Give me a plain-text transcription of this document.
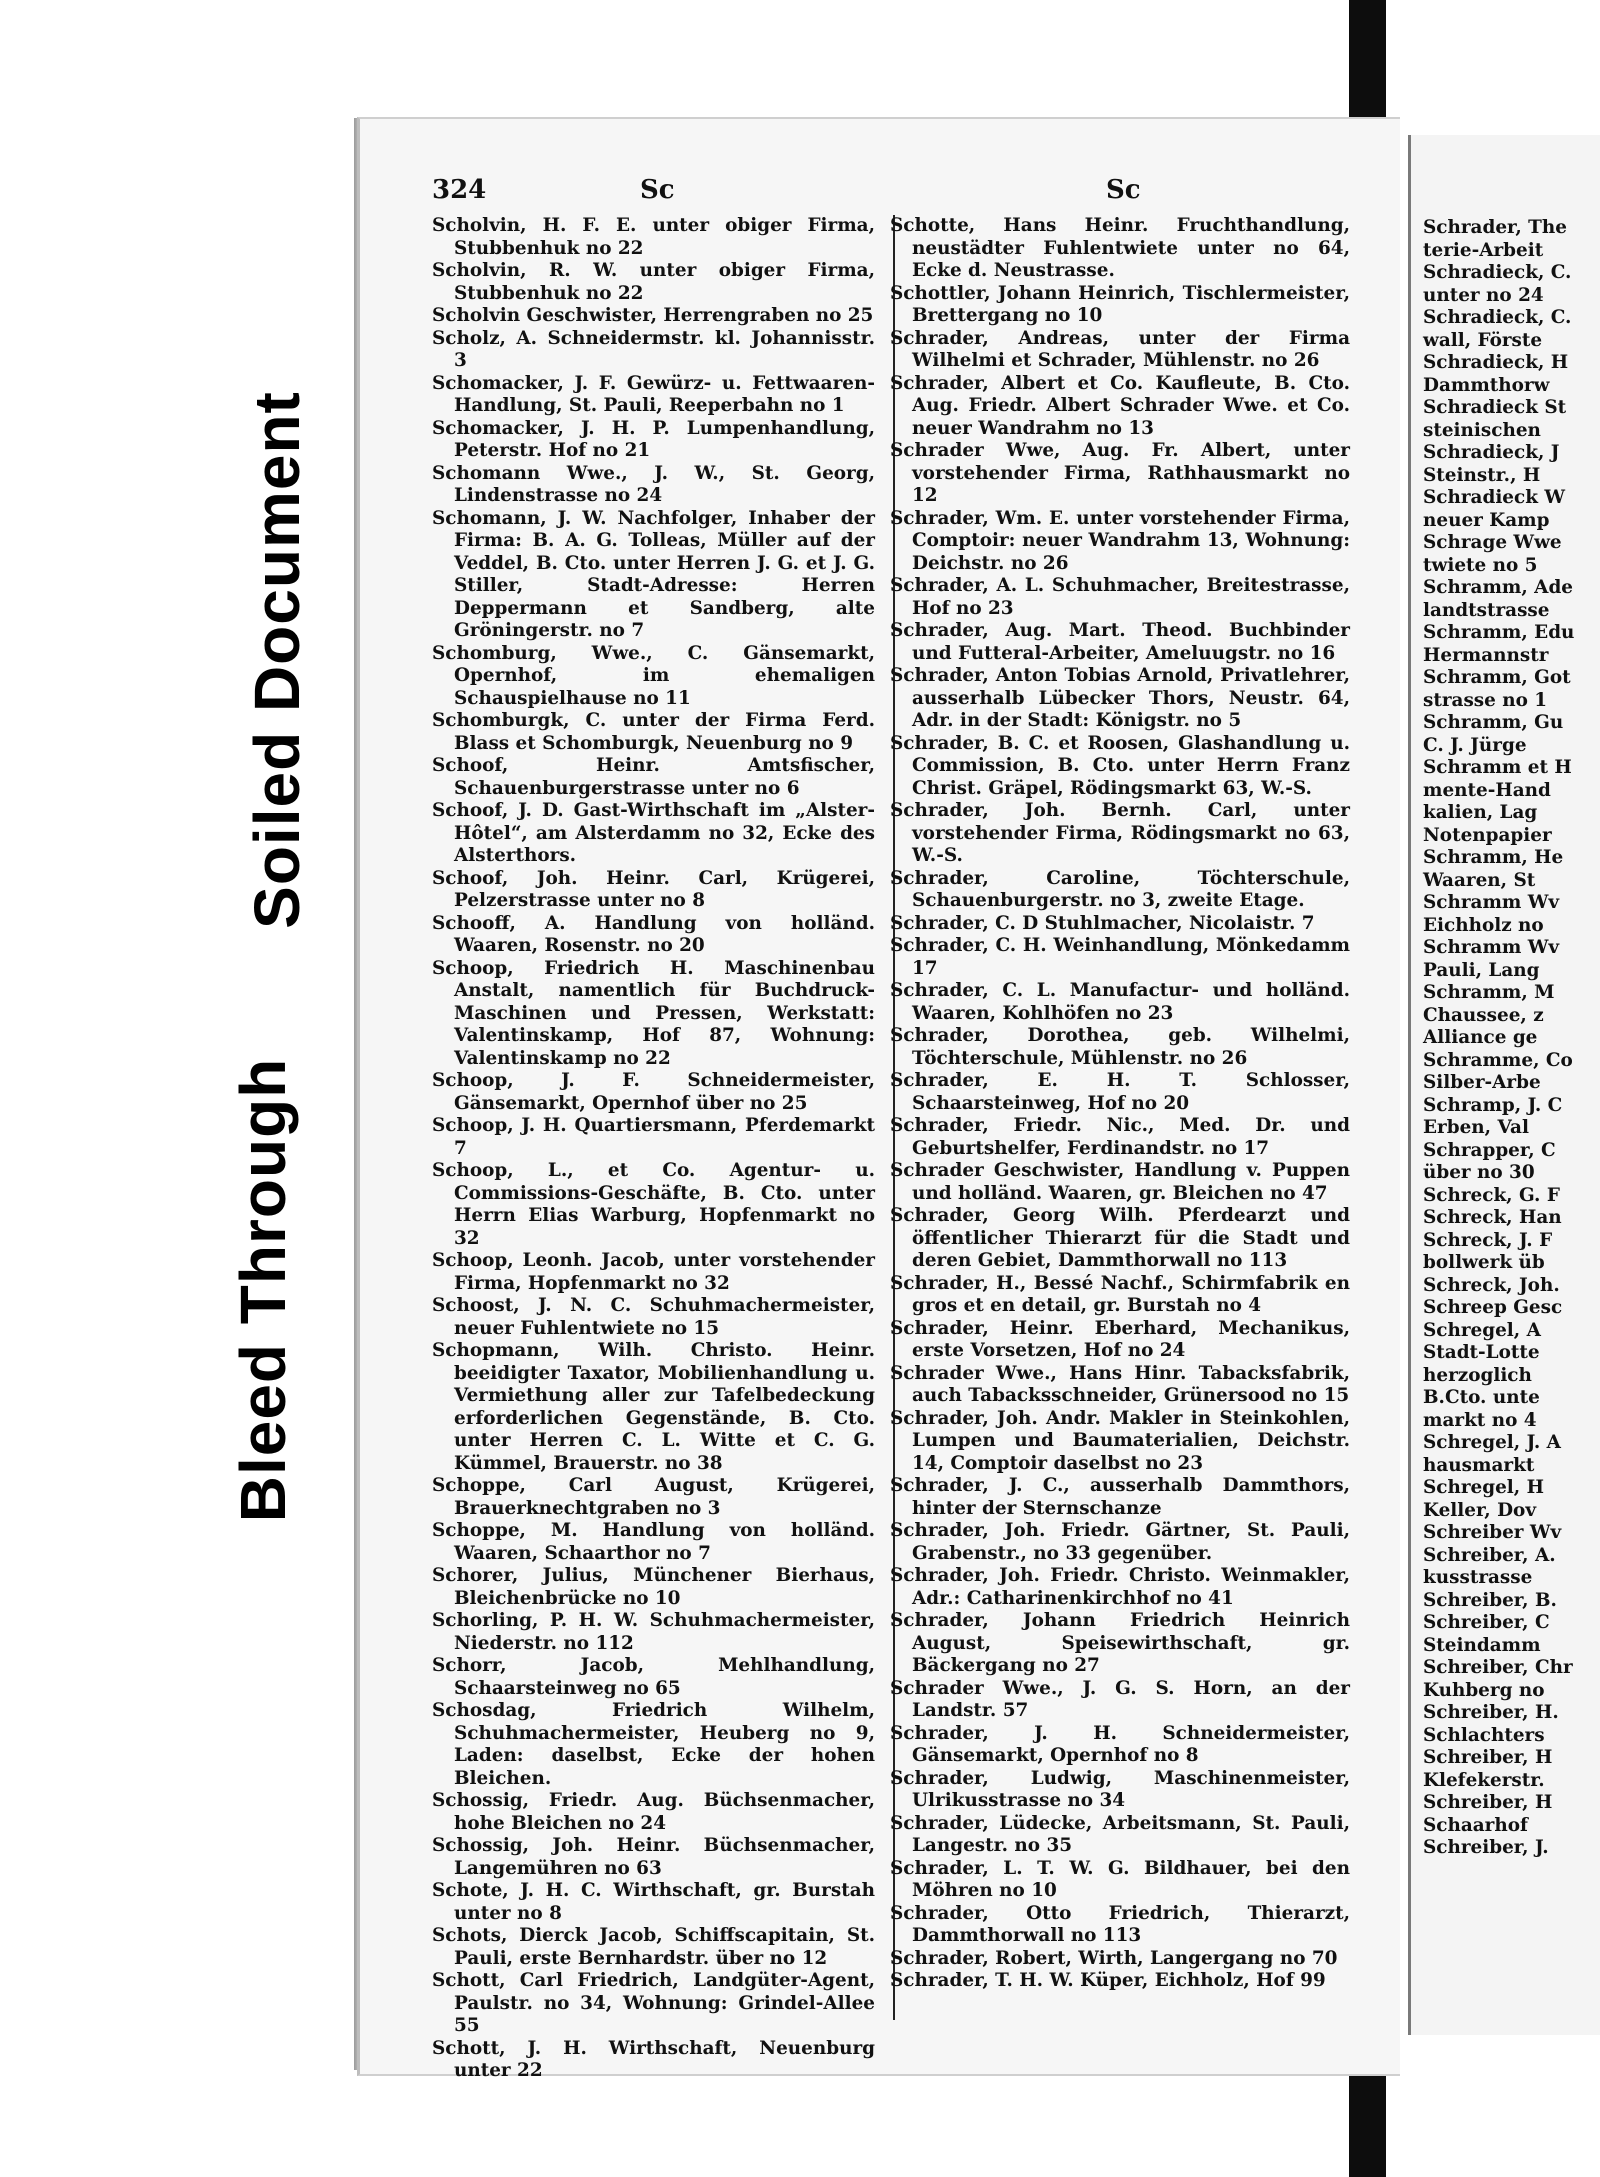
Soiled Document
Bleed Through
Schrader, The
terie-Arbeit
Schradieck, C.
unter no 24
Schradieck, C.
wall, Förste
Schradieck, H
Dammthorw
Schradieck St
steinischen
Schradieck, J
Steinstr., H
Schradieck W
neuer Kamp
Schrage Wwe
twiete no 5
Schramm, Ade
landtstrasse
Schramm, Edu
Hermannstr
Schramm, Got
strasse no 1
Schramm, Gu
C. J. Jürge
Schramm et H
mente-Hand
kalien, Lag
Notenpapier
Schramm, He
Waaren, St
Schramm Wv
Eichholz no
Schramm Wv
Pauli, Lang
Schramm, M
Chaussee, z
Alliance ge
Schramme, Co
Silber-Arbe
Schramp, J. C
Erben, Val
Schrapper, C
über no 30
Schreck, G. F
Schreck, Han
Schreck, J. F
bollwerk üb
Schreck, Joh.
Schreep Gesc
Schregel, A
Stadt-Lotte
herzoglich
B.Cto. unte
markt no 4
Schregel, J. A
hausmarkt
Schregel, H
Keller, Dov
Schreiber Wv
Schreiber, A.
kusstrasse
Schreiber, B.
Schreiber, C
Steindamm
Schreiber, Chr
Kuhberg no
Schreiber, H.
Schlachters
Schreiber, H
Klefekerstr.
Schreiber, H
Schaarhof
Schreiber, J.
324	Sc	Sc

Scholvin, H. F. E. unter obiger Firma, Stubbenhuk no 22

Scholvin, R. W. unter obiger Firma, Stubbenhuk no 22

Scholvin Geschwister, Herrengraben no 25

Scholz, A. Schneidermstr. kl. Johannisstr. 3

Schomacker, J. F. Gewürz- u. Fettwaaren-Handlung, St. Pauli, Reeperbahn no 1

Schomacker, J. H. P. Lumpenhandlung, Peterstr. Hof no 21

Schomann Wwe., J. W., St. Georg, Lindenstrasse no 24

Schomann, J. W. Nachfolger, Inhaber der Firma: B. A. G. Tolleas, Müller auf der Veddel, B. Cto. unter Herren J. G. et J. G. Stiller, Stadt-Adresse: Herren Deppermann et Sandberg, alte Gröningerstr. no 7

Schomburg, Wwe., C. Gänsemarkt, Opernhof, im ehemaligen Schauspielhause no 11

Schomburgk, C. unter der Firma Ferd. Blass et Schomburgk, Neuenburg no 9

Schoof, Heinr. Amtsfischer, Schauenburgerstrasse unter no 6

Schoof, J. D. Gast-Wirthschaft im „Alster-Hôtel“, am Alsterdamm no 32, Ecke des Alsterthors.

Schoof, Joh. Heinr. Carl, Krügerei, Pelzerstrasse unter no 8

Schooff, A. Handlung von holländ. Waaren, Rosenstr. no 20

Schoop, Friedrich H. Maschinenbau Anstalt, namentlich für Buchdruck-Maschinen und Pressen, Werkstatt: Valentinskamp, Hof 87, Wohnung: Valentinskamp no 22

Schoop, J. F. Schneidermeister, Gänsemarkt, Opernhof über no 25

Schoop, J. H. Quartiersmann, Pferdemarkt 7

Schoop, L., et Co. Agentur- u. Commissions-Geschäfte, B. Cto. unter Herrn Elias Warburg, Hopfenmarkt no 32

Schoop, Leonh. Jacob, unter vorstehender Firma, Hopfenmarkt no 32

Schoost, J. N. C. Schuhmachermeister, neuer Fuhlentwiete no 15

Schopmann, Wilh. Christo. Heinr. beeidigter Taxator, Mobilienhandlung u. Vermiethung aller zur Tafelbedeckung erforderlichen Gegenstände, B. Cto. unter Herren C. L. Witte et C. G. Kümmel, Brauerstr. no 38

Schoppe, Carl August, Krügerei, Brauerknechtgraben no 3

Schoppe, M. Handlung von holländ. Waaren, Schaarthor no 7

Schorer, Julius, Münchener Bierhaus, Bleichenbrücke no 10

Schorling, P. H. W. Schuhmachermeister, Niederstr. no 112

Schorr, Jacob, Mehlhandlung, Schaarsteinweg no 65

Schosdag, Friedrich Wilhelm, Schuhmachermeister, Heuberg no 9, Laden: daselbst, Ecke der hohen Bleichen.

Schossig, Friedr. Aug. Büchsenmacher, hohe Bleichen no 24

Schossig, Joh. Heinr. Büchsenmacher, Langemühren no 63

Schote, J. H. C. Wirthschaft, gr. Burstah unter no 8

Schots, Dierck Jacob, Schiffscapitain, St. Pauli, erste Bernhardstr. über no 12

Schott, Carl Friedrich, Landgüter-Agent, Paulstr. no 34, Wohnung: Grindel-Allee 55

Schott, J. H. Wirthschaft, Neuenburg unter 22

Schotte, Hans Heinr. Fruchthandlung, neustädter Fuhlentwiete unter no 64, Ecke d. Neustrasse.

Schottler, Johann Heinrich, Tischlermeister, Brettergang no 10

Schrader, Andreas, unter der Firma Wilhelmi et Schrader, Mühlenstr. no 26

Schrader, Albert et Co. Kaufleute, B. Cto. Aug. Friedr. Albert Schrader Wwe. et Co. neuer Wandrahm no 13

Schrader Wwe, Aug. Fr. Albert, unter vorstehender Firma, Rathhausmarkt no 12

Schrader, Wm. E. unter vorstehender Firma, Comptoir: neuer Wandrahm 13, Wohnung: Deichstr. no 26

Schrader, A. L. Schuhmacher, Breitestrasse, Hof no 23

Schrader, Aug. Mart. Theod. Buchbinder und Futteral-Arbeiter, Ameluugstr. no 16

Schrader, Anton Tobias Arnold, Privatlehrer, ausserhalb Lübecker Thors, Neustr. 64, Adr. in der Stadt: Königstr. no 5

Schrader, B. C. et Roosen, Glashandlung u. Commission, B. Cto. unter Herrn Franz Christ. Gräpel, Rödingsmarkt 63, W.-S.

Schrader, Joh. Bernh. Carl, unter vorstehender Firma, Rödingsmarkt no 63, W.-S.

Schrader, Caroline, Töchterschule, Schauenburgerstr. no 3, zweite Etage.

Schrader, C. D Stuhlmacher, Nicolaistr. 7

Schrader, C. H. Weinhandlung, Mönkedamm 17

Schrader, C. L. Manufactur- und holländ. Waaren, Kohlhöfen no 23

Schrader, Dorothea, geb. Wilhelmi, Töchterschule, Mühlenstr. no 26

Schrader, E. H. T. Schlosser, Schaarsteinweg, Hof no 20

Schrader, Friedr. Nic., Med. Dr. und Geburtshelfer, Ferdinandstr. no 17

Schrader Geschwister, Handlung v. Puppen und holländ. Waaren, gr. Bleichen no 47

Schrader, Georg Wilh. Pferdearzt und öffentlicher Thierarzt für die Stadt und deren Gebiet, Dammthorwall no 113

Schrader, H., Bessé Nachf., Schirmfabrik en gros et en detail, gr. Burstah no 4

Schrader, Heinr. Eberhard, Mechanikus, erste Vorsetzen, Hof no 24

Schrader Wwe., Hans Hinr. Tabacksfabrik, auch Tabacksschneider, Grünersood no 15

Schrader, Joh. Andr. Makler in Steinkohlen, Lumpen und Baumaterialien, Deichstr. 14, Comptoir daselbst no 23

Schrader, J. C., ausserhalb Dammthors, hinter der Sternschanze

Schrader, Joh. Friedr. Gärtner, St. Pauli, Grabenstr., no 33 gegenüber.

Schrader, Joh. Friedr. Christo. Weinmakler, Adr.: Catharinenkirchhof no 41

Schrader, Johann Friedrich Heinrich August, Speisewirthschaft, gr. Bäckergang no 27

Schrader Wwe., J. G. S. Horn, an der Landstr. 57

Schrader, J. H. Schneidermeister, Gänsemarkt, Opernhof no 8

Schrader, Ludwig, Maschinenmeister, Ulrikusstrasse no 34

Schrader, Lüdecke, Arbeitsmann, St. Pauli, Langestr. no 35

Schrader, L. T. W. G. Bildhauer, bei den Möhren no 10

Schrader, Otto Friedrich, Thierarzt, Dammthorwall no 113

Schrader, Robert, Wirth, Langergang no 70

Schrader, T. H. W. Küper, Eichholz, Hof 99
